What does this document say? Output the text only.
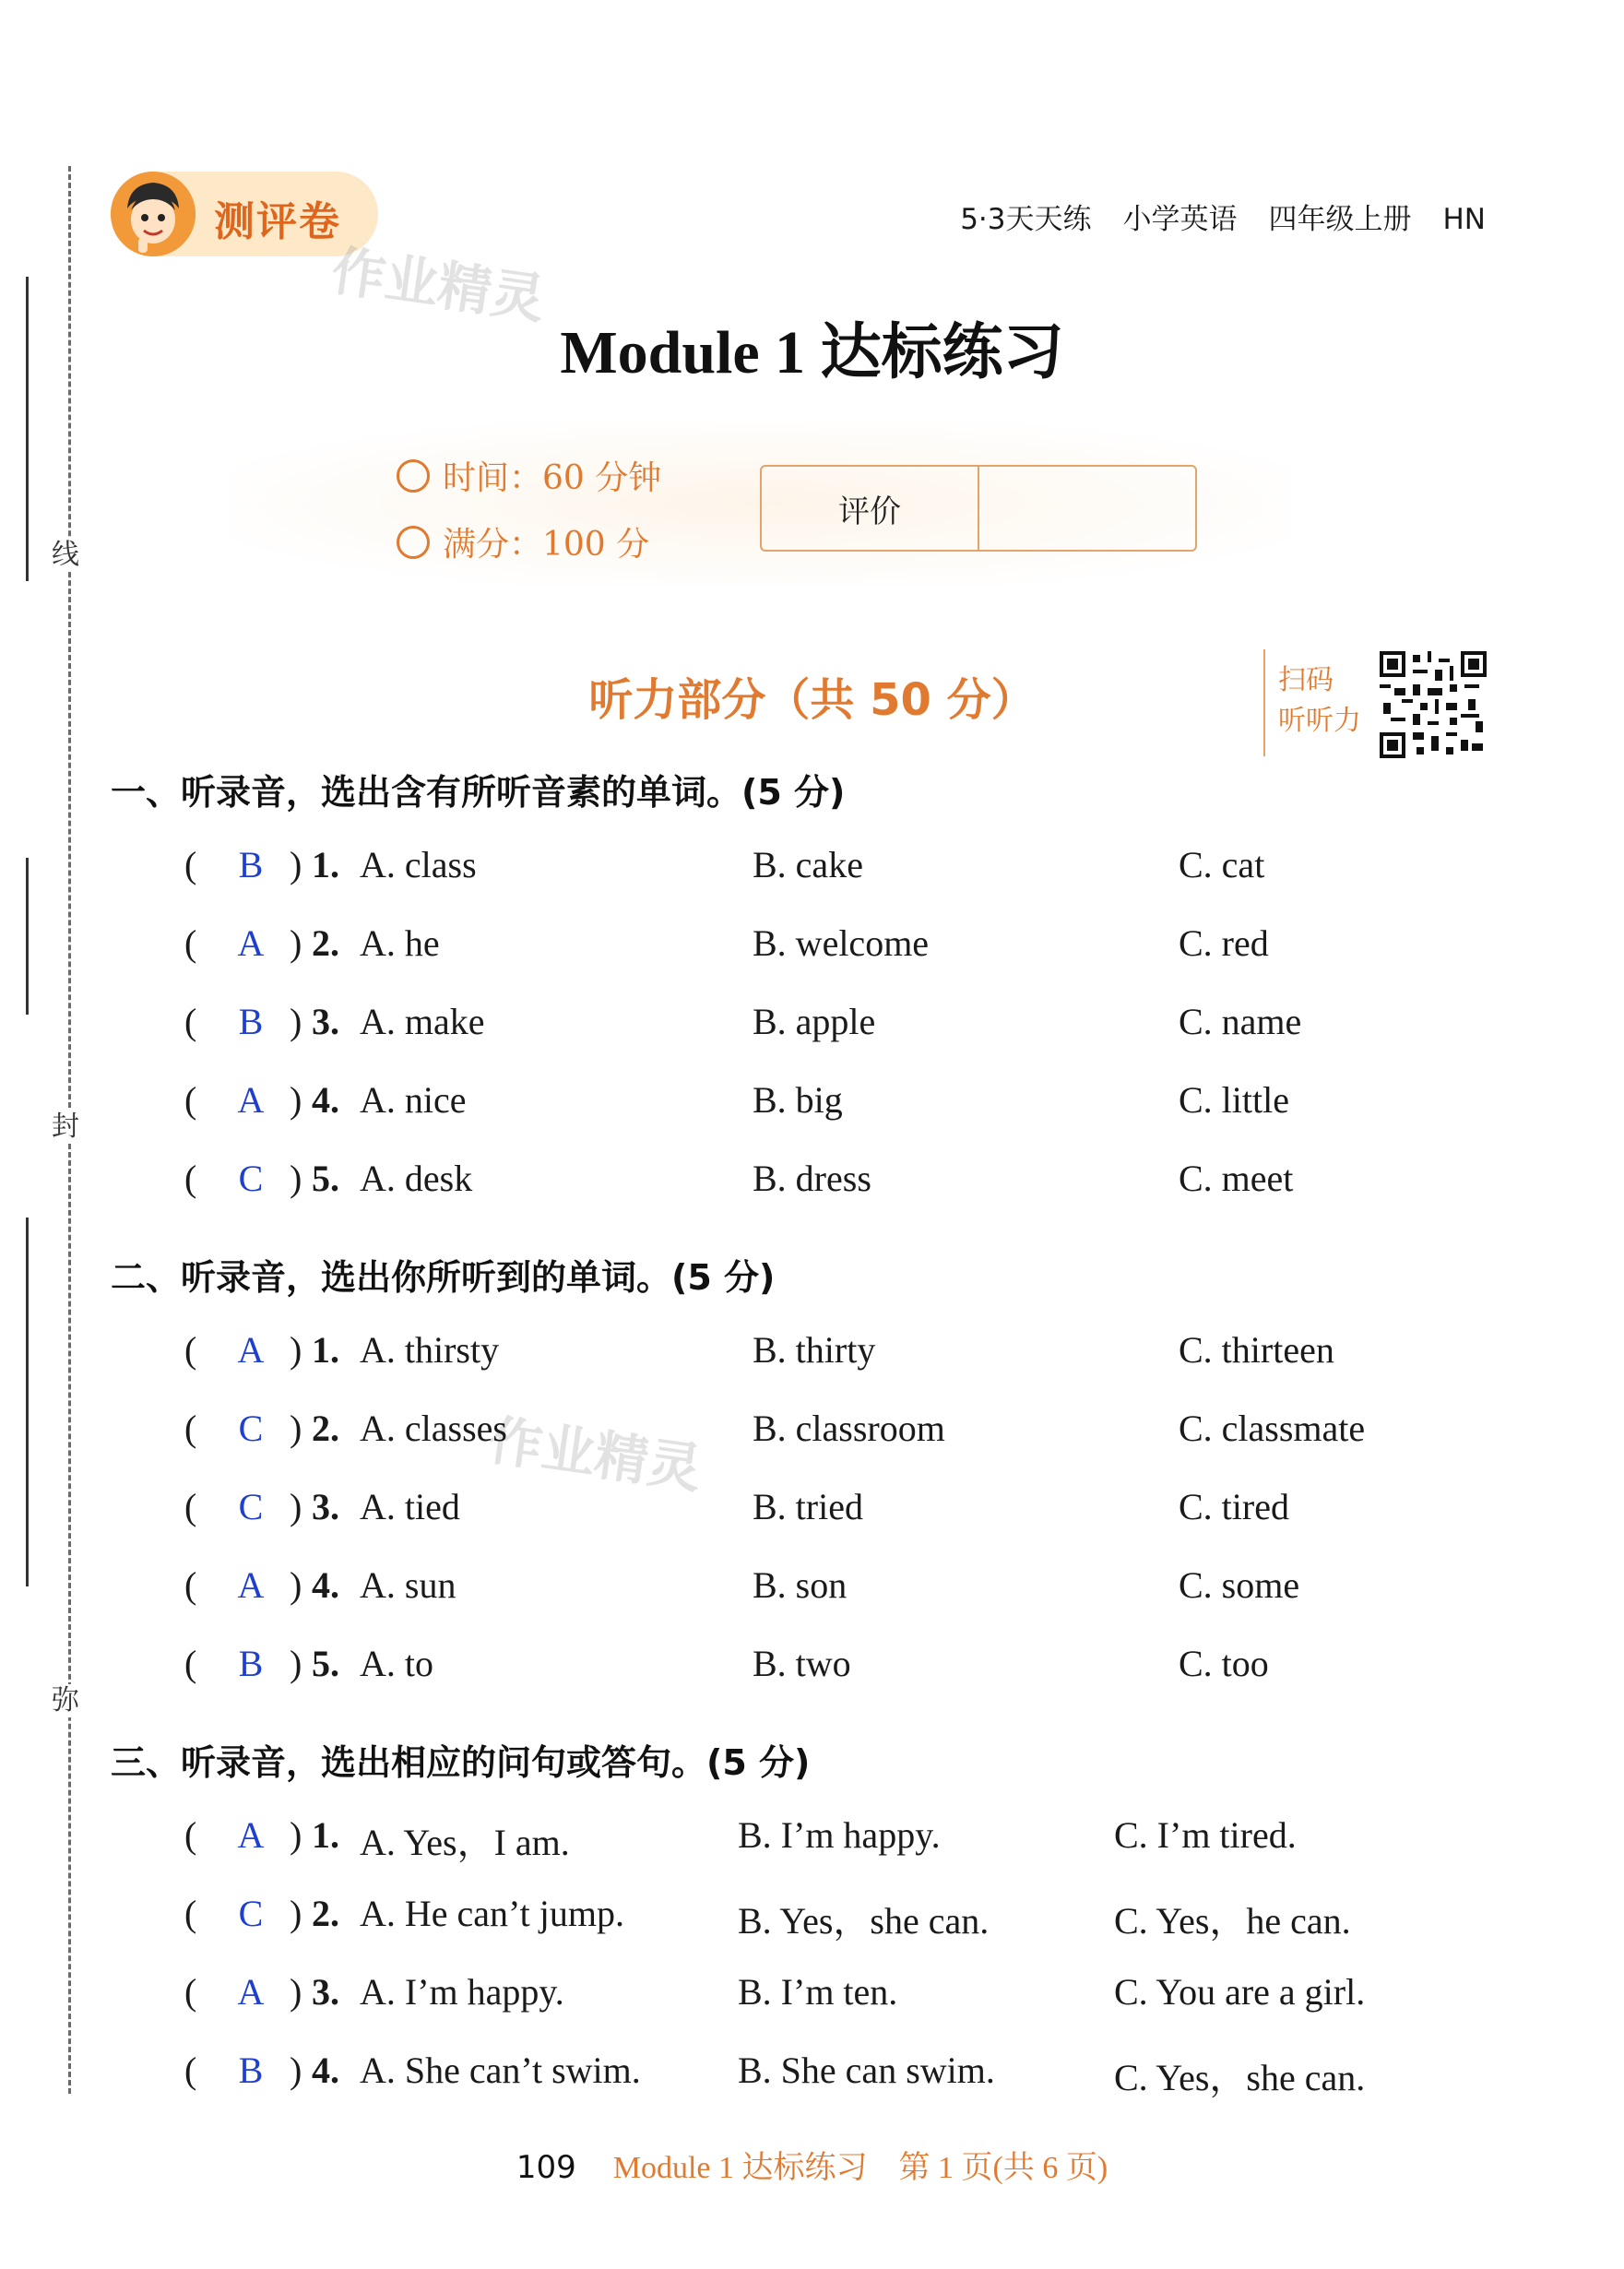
线
封
弥
测评卷	5·3天天练 小学英语 四年级上册 HN
作业精灵
作业精灵
Module 1 达标练习
时间：60 分钟
满分：100 分
评价
听力部分（共 50 分）	扫码
听听力
一、听录音，选出含有所听音素的单词。(5 分)
( B ) 1. A. class	B. cake	C. cat
( A ) 2. A. he	B. welcome	C. red
( B ) 3. A. make	B. apple	C. name
( A ) 4. A. nice	B. big	C. little
( C ) 5. A. desk	B. dress	C. meet
二、听录音，选出你所听到的单词。(5 分)
( A ) 1. A. thirsty	B. thirty	C. thirteen
( C ) 2. A. classes	B. classroom	C. classmate
( C ) 3. A. tied	B. tried	C. tired
( A ) 4. A. sun	B. son	C. some
( B ) 5. A. to	B. two	C. too
三、听录音，选出相应的问句或答句。(5 分)
( A ) 1. A. Yes，I am.	B. I’m happy.	C. I’m tired.
( C ) 2. A. He can’t jump.	B. Yes，she can.	C. Yes，he can.
( A ) 3. A. I’m happy.	B. I’m ten.	C. You are a girl.
( B ) 4. A. She can’t swim.	B. She can swim.	C. Yes，she can.
109 Module 1 达标练习　第 1 页(共 6 页)
